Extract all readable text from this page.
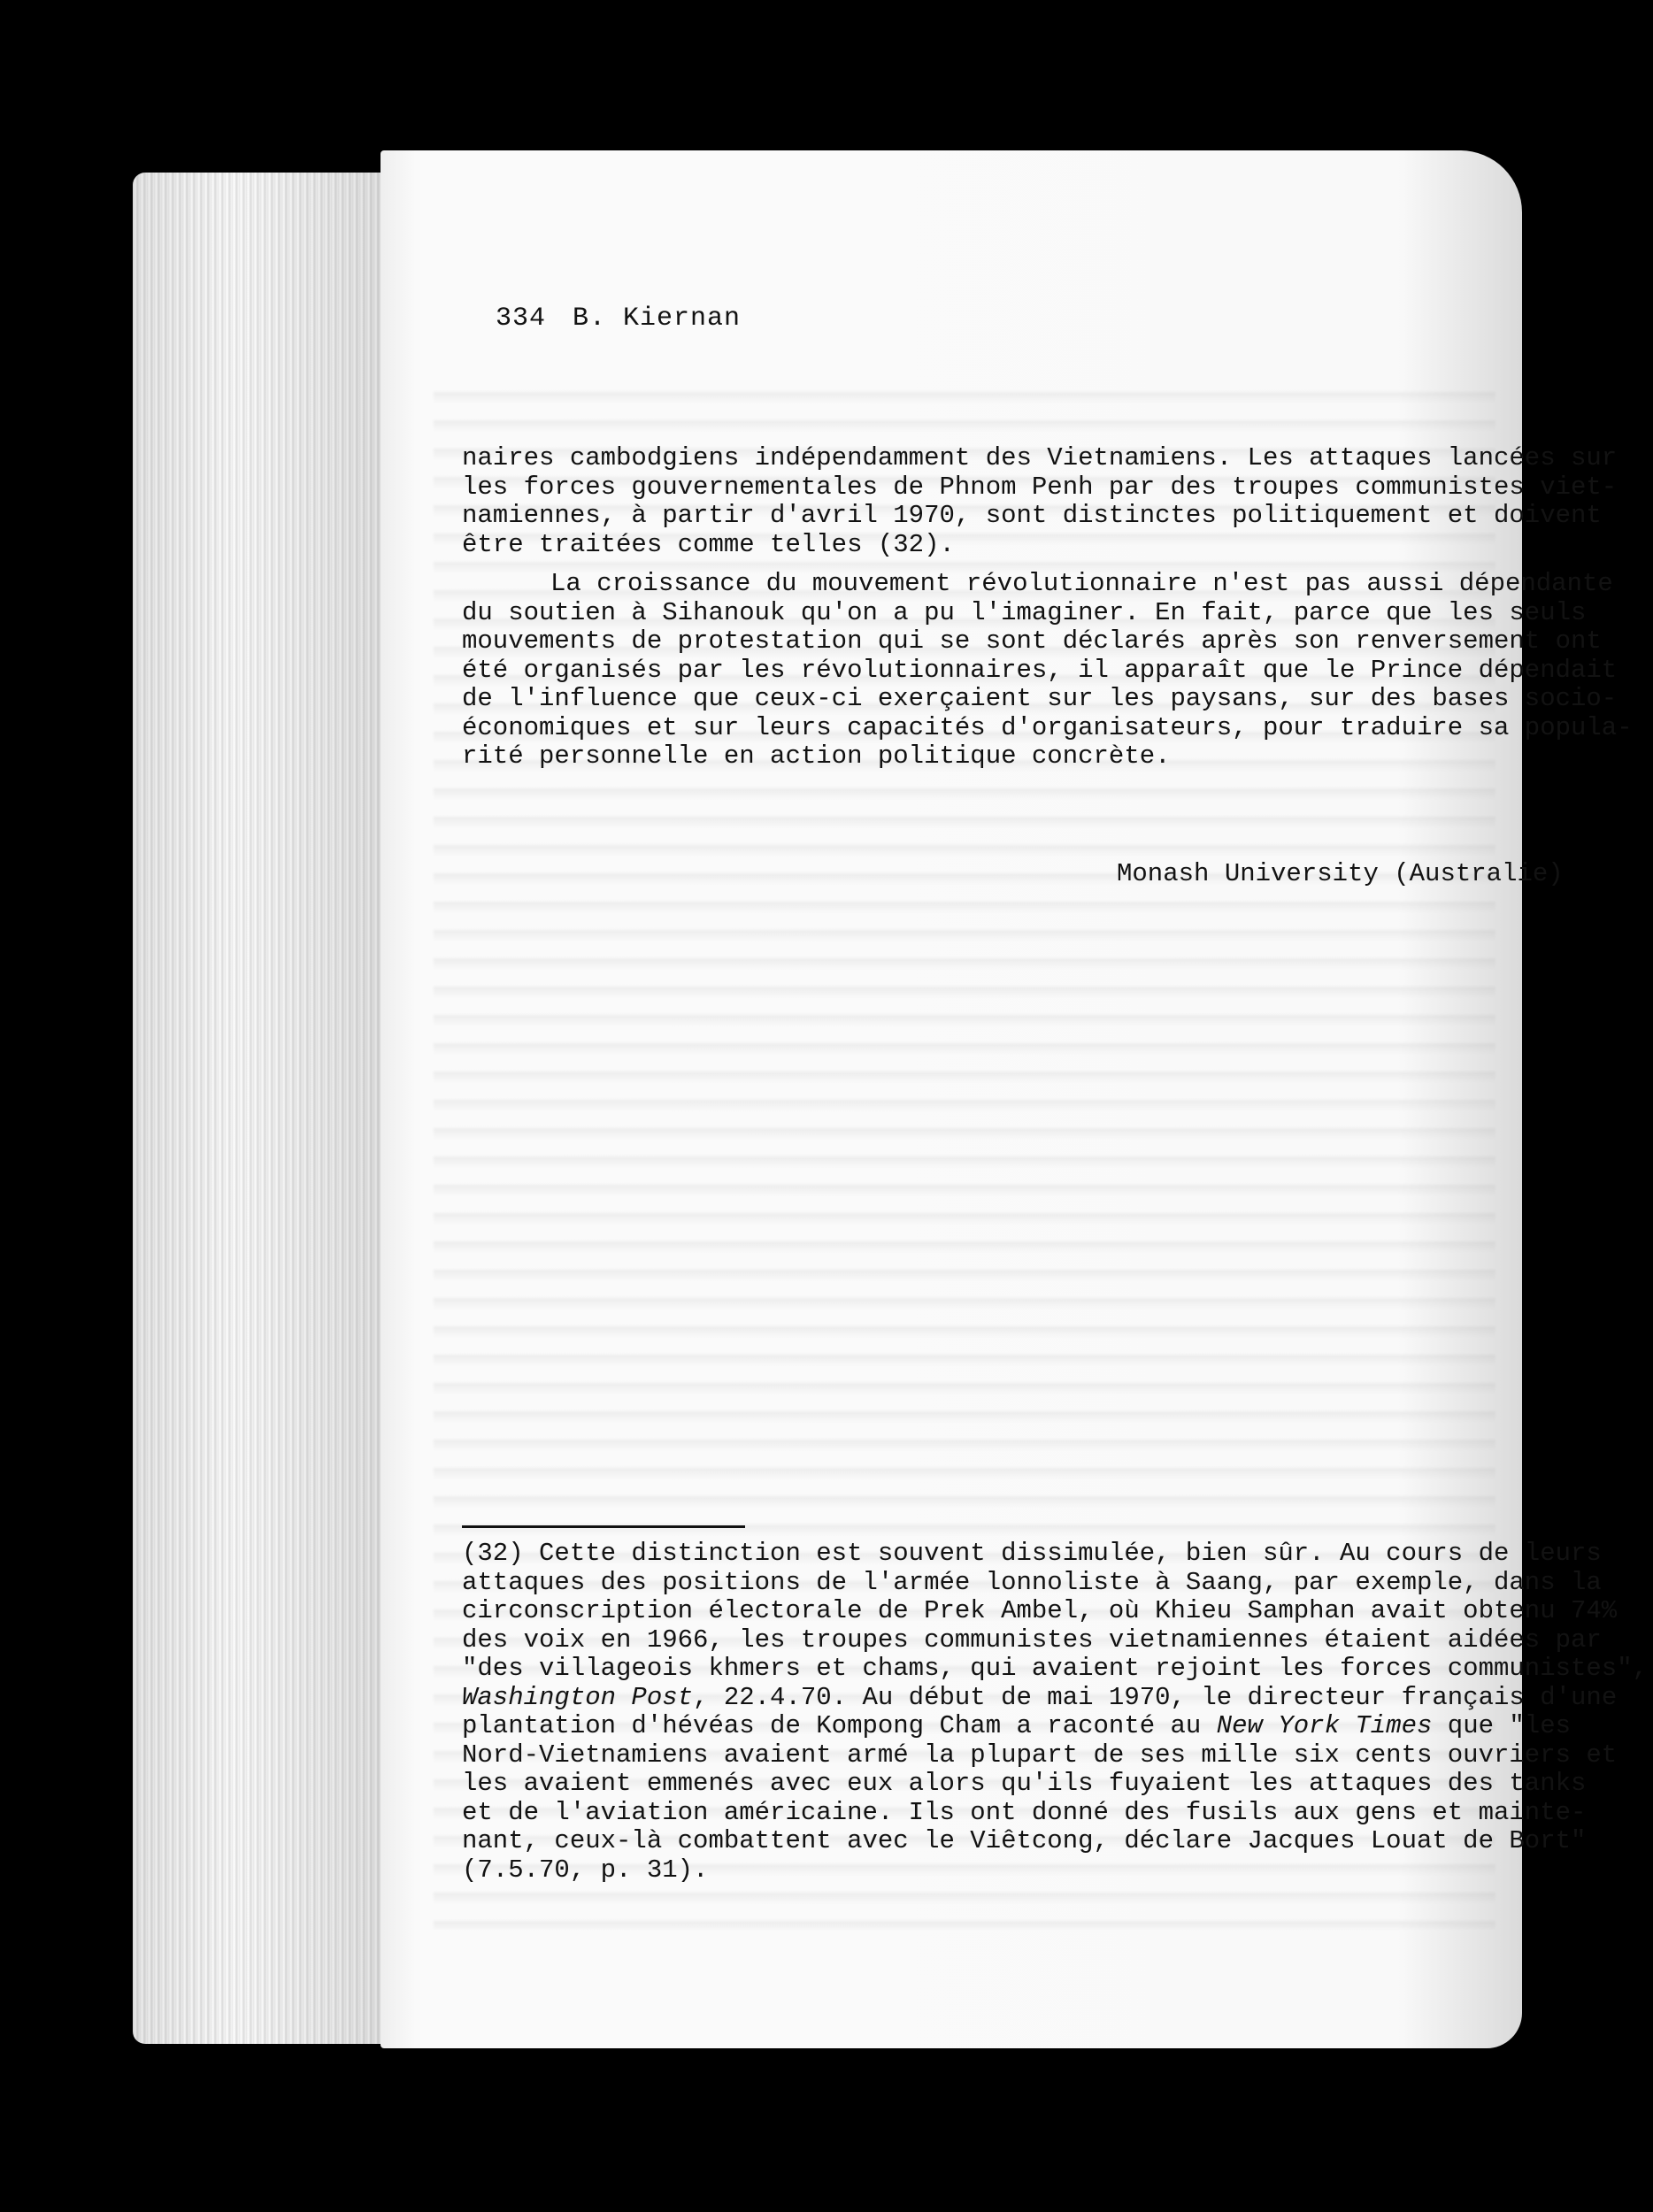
334 B. Kiernan

naires cambodgiens indépendamment des Vietnamiens. Les attaques lancées sur
les forces gouvernementales de Phnom Penh par des troupes communistes viet-
namiennes, à partir d'avril 1970, sont distinctes politiquement et doivent
être traitées comme telles (32).

La croissance du mouvement révolutionnaire n'est pas aussi dépendante
du soutien à Sihanouk qu'on a pu l'imaginer. En fait, parce que les seuls
mouvements de protestation qui se sont déclarés après son renversement ont
été organisés par les révolutionnaires, il apparaît que le Prince dépendait
de l'influence que ceux-ci exerçaient sur les paysans, sur des bases socio-
économiques et sur leurs capacités d'organisateurs, pour traduire sa popula-
rité personnelle en action politique concrète.

Monash University (Australie)
(32) Cette distinction est souvent dissimulée, bien sûr. Au cours de leurs
attaques des positions de l'armée lonnoliste à Saang, par exemple, dans la
circonscription électorale de Prek Ambel, où Khieu Samphan avait obtenu 74%
des voix en 1966, les troupes communistes vietnamiennes étaient aidées par
"des villageois khmers et chams, qui avaient rejoint les forces communistes",
Washington Post, 22.4.70. Au début de mai 1970, le directeur français d'une
plantation d'hévéas de Kompong Cham a raconté au New York Times que "les
Nord-Vietnamiens avaient armé la plupart de ses mille six cents ouvriers et
les avaient emmenés avec eux alors qu'ils fuyaient les attaques des tanks
et de l'aviation américaine. Ils ont donné des fusils aux gens et mainte-
nant, ceux-là combattent avec le Viêtcong, déclare Jacques Louat de Bort"
(7.5.70, p. 31).
